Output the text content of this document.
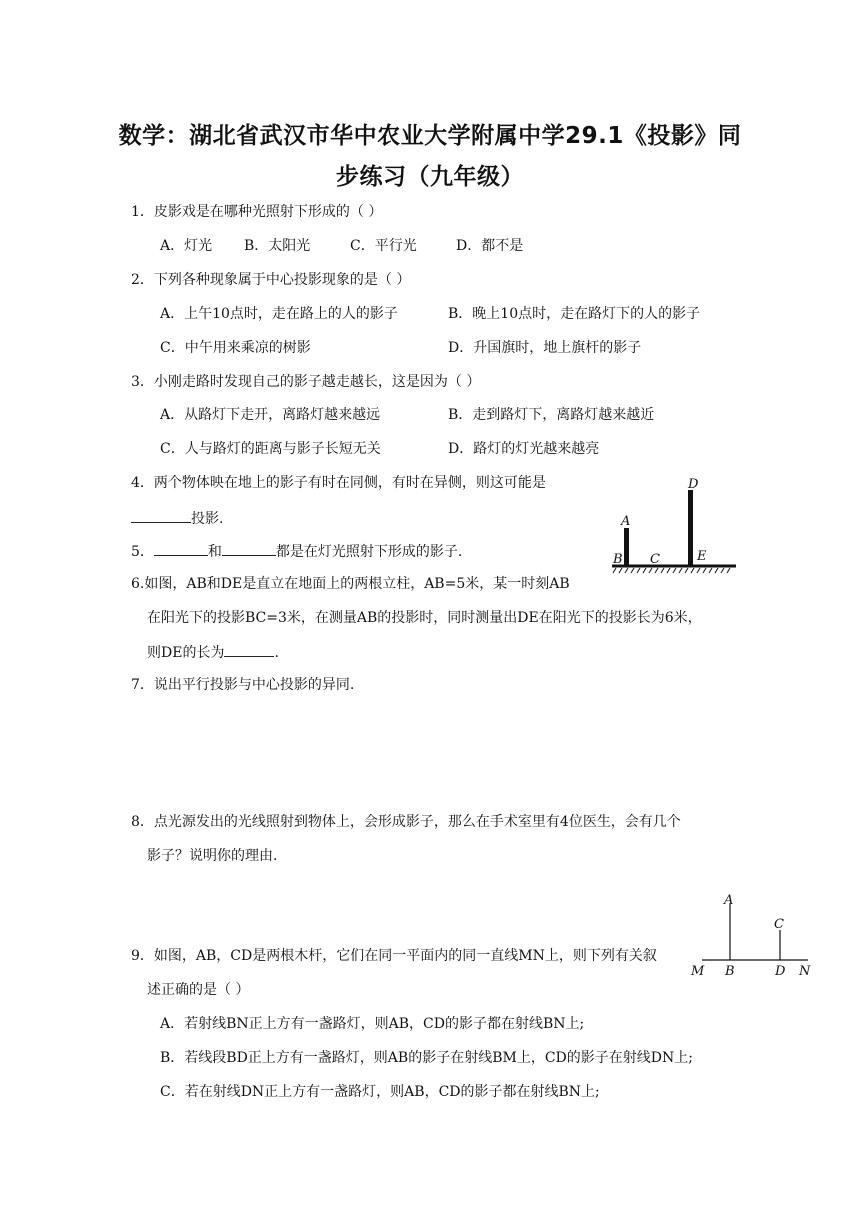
数学：湖北省武汉市华中农业大学附属中学29.1《投影》同
步练习（九年级）
1．皮影戏是在哪种光照射下形成的（ ）
A．灯光 B．太阳光	C．平行光	D．都不是
2．下列各种现象属于中心投影现象的是（ ）
A．上午10点时，走在路上的人的影子	B．晚上10点时，走在路灯下的人的影子
C．中午用来乘凉的树影	D．升国旗时，地上旗杆的影子
3．小刚走路时发现自己的影子越走越长，这是因为（ ）
A．从路灯下走开，离路灯越来越远	B．走到路灯下，离路灯越来越近
C．人与路灯的距离与影子长短无关	D．路灯的灯光越来越亮
4．两个物体映在地上的影子有时在同侧，有时在异侧，则这可能是
投影.
5．	和	都是在灯光照射下形成的影子.
A
B C
D
E
6.如图，AB和DE是直立在地面上的两根立柱，AB=5米，某一时刻AB
在阳光下的投影BC=3米，在测量AB的投影时，同时测量出DE在阳光下的投影长为6米，
则DE的长为	.
7．说出平行投影与中心投影的异同.
8．点光源发出的光线照射到物体上，会形成影子，那么在手术室里有4位医生，会有几个
影子？说明你的理由.
A
C
M B	D N
9．如图，AB，CD是两根木杆，它们在同一平面内的同一直线MN上，则下列有关叙
述正确的是（ ）
A．若射线BN正上方有一盏路灯，则AB，CD的影子都在射线BN上;
B．若线段BD正上方有一盏路灯，则AB的影子在射线BM上，CD的影子在射线DN上;
C．若在射线DN正上方有一盏路灯，则AB，CD的影子都在射线BN上;
